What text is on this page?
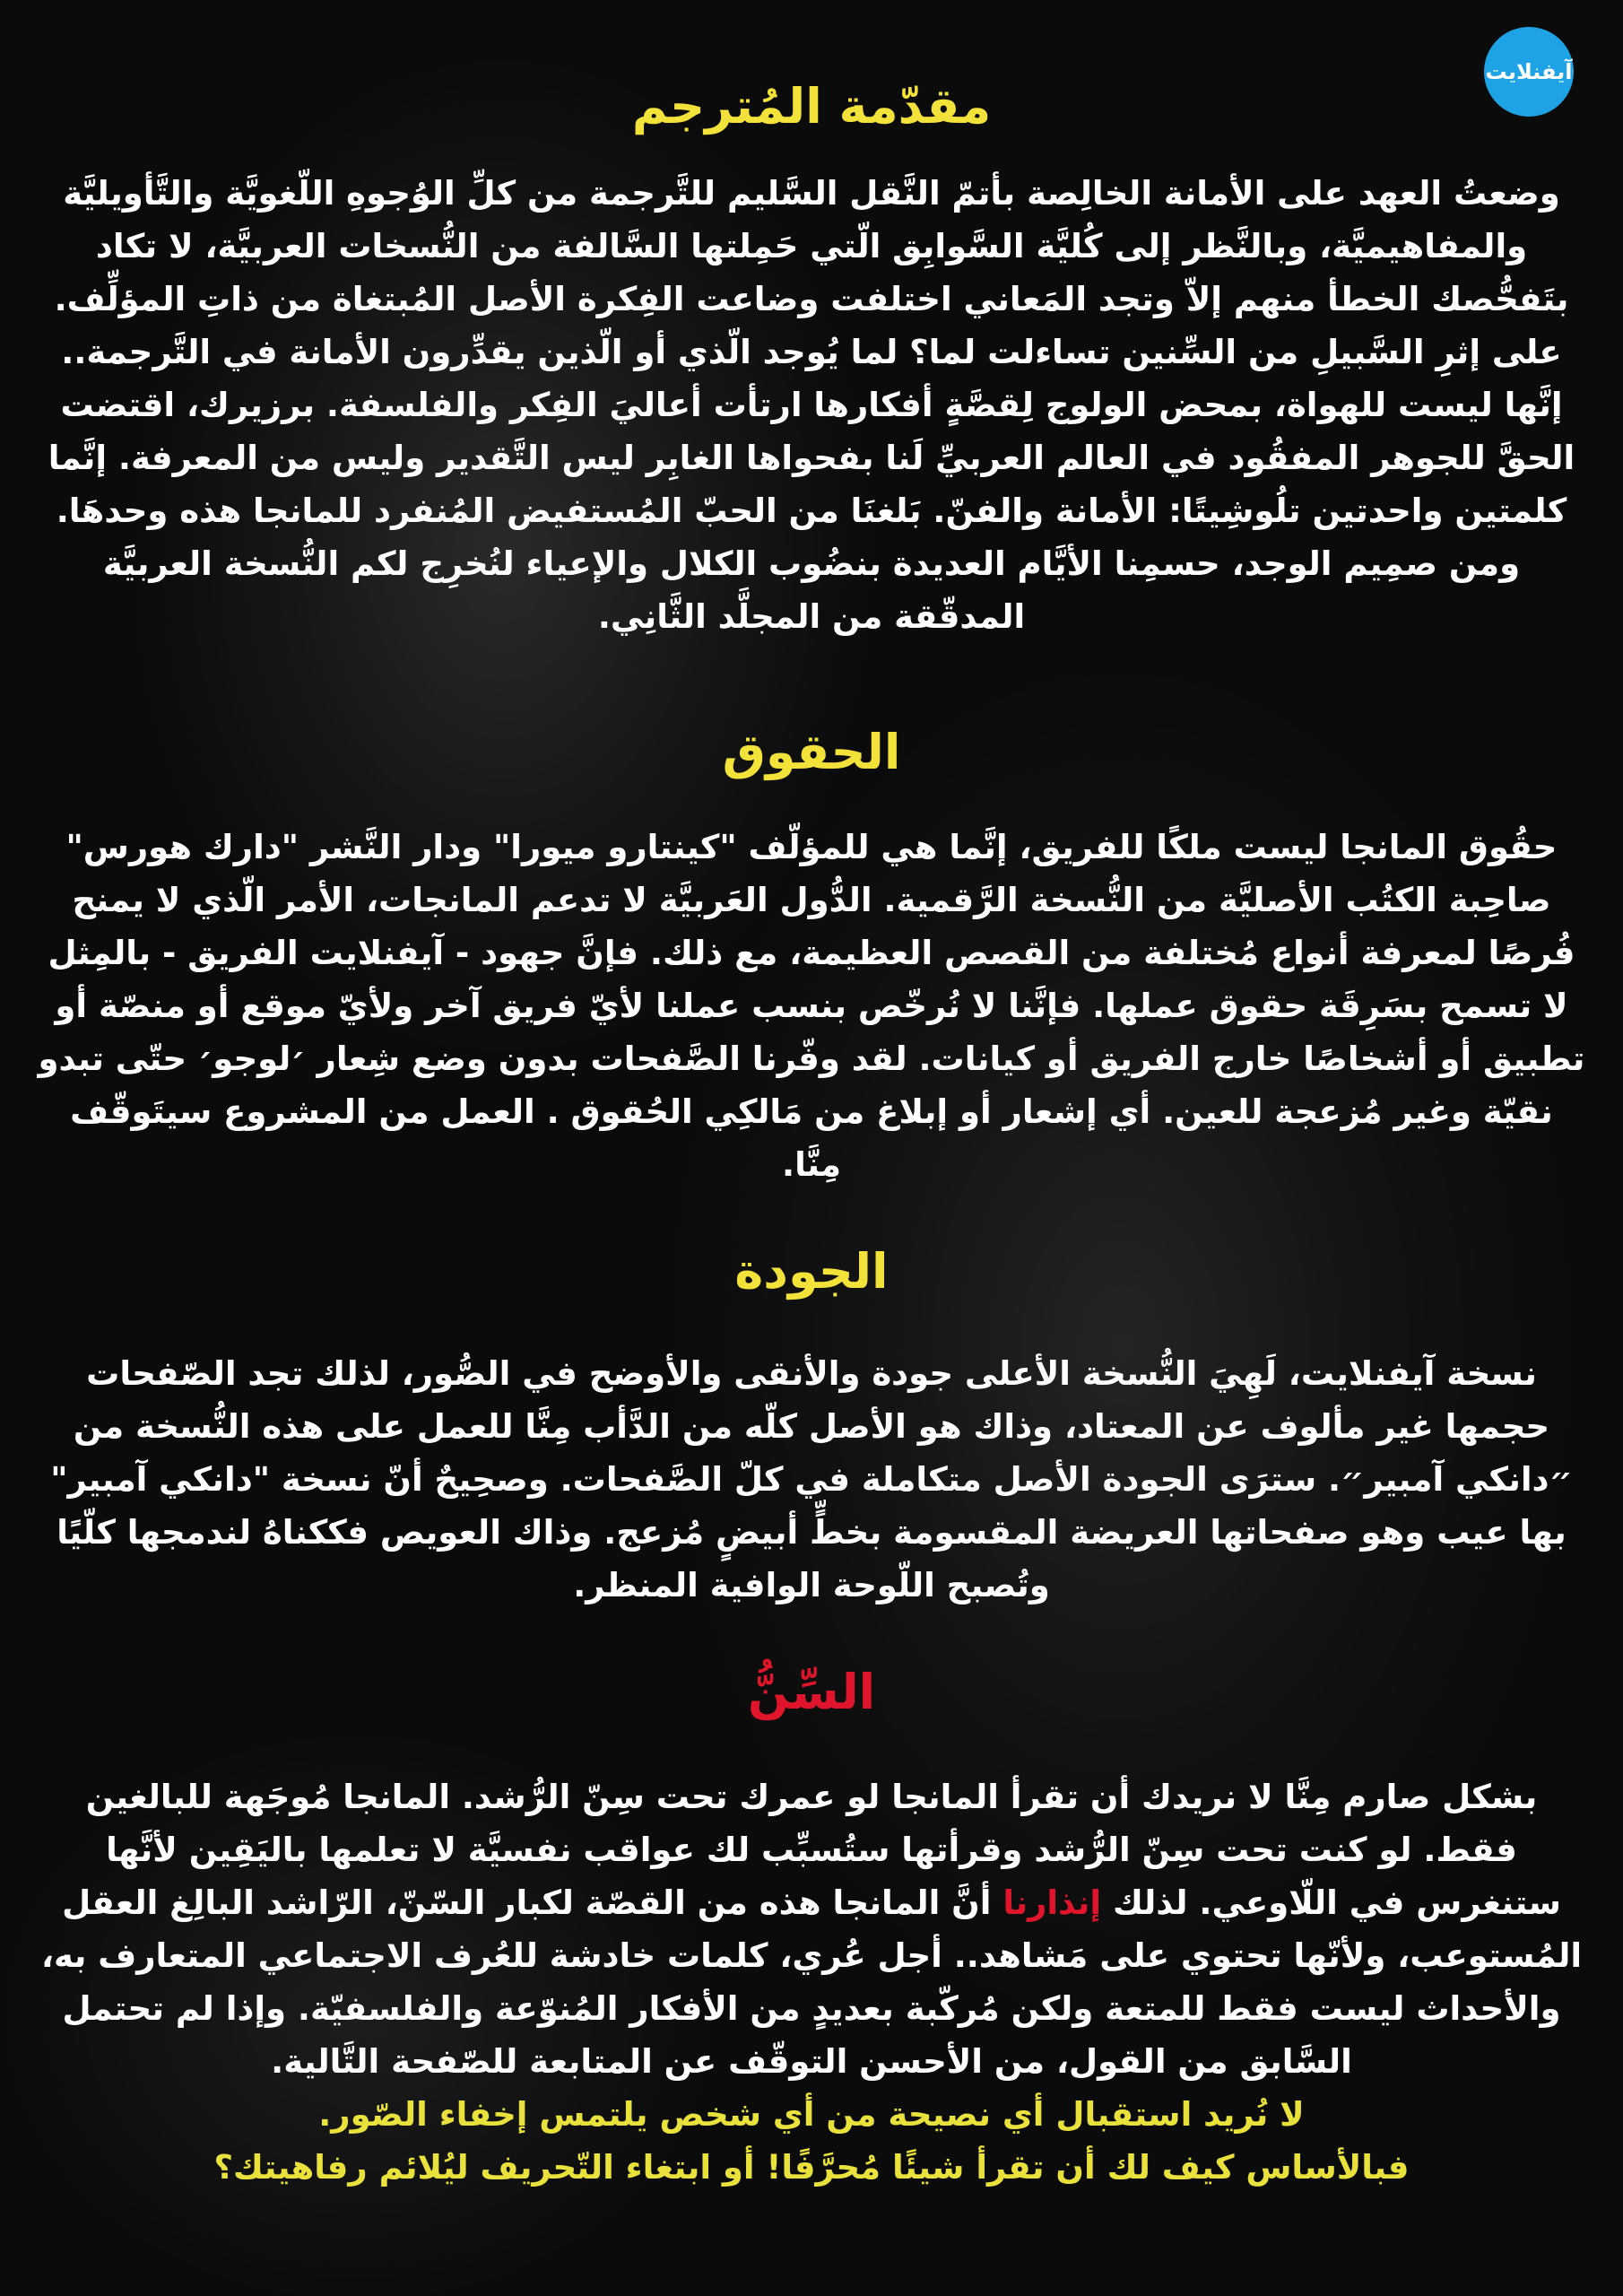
آيفنلايت
مقدّمة المُترجم

وضعتُ العهد على الأمانة الخالِصة بأتمّ النَّقل السَّليم للتَّرجمة من كلِّ الوُجوهِ اللّغويَّة والتَّأويليَّة والمفاهيميَّة، وبالنَّظر إلى كُليَّة السَّوابِق الّتي حَمِلتها السَّالفة من النُّسخات العربيَّة، لا تكاد بتَفحُّصك الخطأ منهم إلاّ وتجد المَعاني اختلفت وضاعت الفِكرة الأصل المُبتغاة من ذاتِ المؤلِّف. على إثرِ السَّبيلِ من السِّنين تساءلت لما؟ لما يُوجد الّذي أو الّذين يقدِّرون الأمانة في التَّرجمة.. إنَّها ليست للهواة، بمحض الولوج لِقصَّةٍ أفكارها ارتأت أعاليَ الفِكر والفلسفة. برزيرك، اقتضت الحقَّ للجوهر المفقُود في العالم العربيِّ لَنا بفحواها الغابِر ليس التَّقدير وليس من المعرفة. إنَّما كلمتين واحدتين تلُوشِيتًا: الأمانة والفنّ. بَلغنَا من الحبّ المُستفيض المُنفرد للمانجا هذه وحدهَا. ومن صمِيم الوجد، حسمِنا الأيَّام العديدة بنضُوب الكلال والإعياء لنُخرِج لكم النُّسخة العربيَّة المدقّقة من المجلَّد الثَّانِي.

الحقوق

حقُوق المانجا ليست ملكًا للفريق، إنَّما هي للمؤلّف "كينتارو ميورا" ودار النَّشر "دارك هورس" صاحِبة الكتُب الأصليَّة من النُّسخة الرَّقمية. الدُّول العَربيَّة لا تدعم المانجات، الأمر الّذي لا يمنح فُرصًا لمعرفة أنواع مُختلفة من القصص العظيمة، مع ذلك. فإنَّ جهود - آيفنلايت الفريق - بالمِثل لا تسمح بسَرِقَة حقوق عملها. فإنَّنا لا نُرخّص بنسب عملنا لأيّ فريق آخر ولأيّ موقع أو منصّة أو تطبيق أو أشخاصًا خارج الفريق أو كيانات. لقد وفّرنا الصَّفحات بدون وضع شِعار ׳لوجو׳ حتّى تبدو نقيّة وغير مُزعجة للعين. أي إشعار أو إبلاغ من مَالكِي الحُقوق . العمل من المشروع سيتَوقّف مِنَّا.

الجودة

نسخة آيفنلايت، لَهِيَ النُّسخة الأعلى جودة والأنقى والأوضح في الصُّور، لذلك تجد الصّفحات حجمها غير مألوف عن المعتاد، وذاك هو الأصل كلّه من الدَّأب مِنَّا للعمل على هذه النُّسخة من ״دانكي آمبير״. سترَى الجودة الأصل متكاملة في كلّ الصَّفحات. وصحِيحٌ أنّ نسخة "دانكي آمبير" بها عيب وهو صفحاتها العريضة المقسومة بخطٍّ أبيضٍ مُزعج. وذاك العويص فككناهُ لندمجها كلّيًا وتُصبح اللّوحة الوافية المنظر.

السِّنُّ

بشكل صارم مِنَّا لا نريدك أن تقرأ المانجا لو عمرك تحت سِنّ الرُّشد. المانجا مُوجَهة للبالغين فقط. لو كنت تحت سِنّ الرُّشد وقرأتها ستُسبِّب لك عواقب نفسيَّة لا تعلمها باليَقِين لأنَّها ستنغرس في اللّاوعي. لذلك إنذارنا أنَّ المانجا هذه من القصّة لكبار السّنّ، الرّاشد البالِغ العقل المُستوعب، ولأنّها تحتوي على مَشاهد.. أجل عُري، كلمات خادشة للعُرف الاجتماعي المتعارف به، والأحداث ليست فقط للمتعة ولكن مُركّبة بعديدٍ من الأفكار المُنوّعة والفلسفيّة. وإذا لم تحتمل السَّابق من القول، من الأحسن التوقّف عن المتابعة للصّفحة التَّالية.

لا نُريد استقبال أي نصيحة من أي شخص يلتمس إخفاء الصّور.

فبالأساس كيف لك أن تقرأ شيئًا مُحرَّفًا! أو ابتغاء التّحريف ليُلائم رفاهيتك؟
